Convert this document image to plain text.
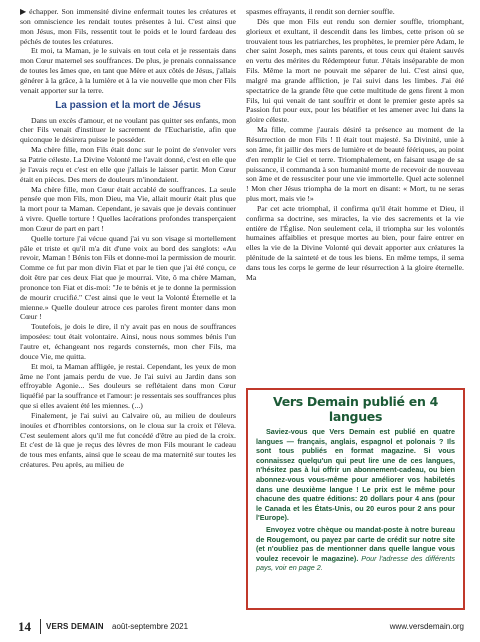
▶ échapper. Son immensité divine enfermait toutes les créatures et son omniscience les rendait toutes présentes à lui. C'est ainsi que mon Jésus, mon Fils, ressentit tout le poids et le lourd fardeau des péchés de toutes les créatures.

Et moi, ta Maman, je le suivais en tout cela et je ressentais dans mon Cœur maternel ses souffrances. De plus, je prenais connaissance de toutes les âmes que, en tant que Mère et aux côtés de Jésus, j'allais générer à la grâce, à la lumière et à la vie nouvelle que mon cher Fils venait apporter sur la terre.

La passion et la mort de Jésus

Dans un excès d'amour, et ne voulant pas quitter ses enfants, mon cher Fils venait d'instituer le sacrement de l'Eucharistie, afin que quiconque le désirera puisse le posséder.

Ma chère fille, mon Fils était donc sur le point de s'envoler vers sa Patrie céleste. La Divine Volonté me l'avait donné, c'est en elle que je l'avais reçu et c'est en elle que j'allais le laisser partir. Mon Cœur était en pièces. Des mers de douleurs m'inondaient.

Ma chère fille, mon Cœur était accablé de souffrances. La seule pensée que mon Fils, mon Dieu, ma Vie, allait mourir était plus que la mort pour ta Maman. Cependant, je savais que je devais continuer à vivre. Quelle torture ! Quelles lacérations profondes transperçaient mon Cœur de part en part !

Quelle torture j'ai vécue quand j'ai vu son visage si mortellement pâle et triste et qu'il m'a dit d'une voix au bord des sanglots: «Au revoir, Maman ! Bénis ton Fils et donne-moi la permission de mourir. Comme ce fut par mon divin Fiat et par le tien que j'ai été conçu, ce doit être par ces deux Fiat que je mourrai. Vite, ô ma chère Maman, prononce ton Fiat et dis-moi: "Je te bénis et je te donne la permission de mourir crucifié." C'est ainsi que le veut la Volonté Éternelle et la mienne.» Quelle douleur atroce ces paroles firent monter dans mon Cœur !

Toutefois, je dois le dire, il n'y avait pas en nous de souffrances imposées: tout était volontaire. Ainsi, nous nous sommes bénis l'un l'autre et, échangeant nos regards consternés, mon cher Fils, ma douce Vie, me quitta.

Et moi, ta Maman affligée, je restai. Cependant, les yeux de mon âme ne l'ont jamais perdu de vue. Je l'ai suivi au Jardin dans son effroyable Agonie... Ses douleurs se reflétaient dans mon Cœur liquéfié par la souffrance et l'amour: je ressentais ses souffrances plus que si elles avaient été les miennes. (...)

Finalement, je l'ai suivi au Calvaire où, au milieu de douleurs inouïes et d'horribles contorsions, on le cloua sur la croix et l'éleva. C'est seulement alors qu'il me fut concédé d'être au pied de la croix. Et c'est de là que je reçus des lèvres de mon Fils mourant le cadeau de tous mes enfants, ainsi que le sceau de ma maternité sur toutes les créatures. Peu après, au milieu de

spasmes effrayants, il rendit son dernier souffle.

Dès que mon Fils eut rendu son dernier souffle, triomphant, glorieux et exultant, il descendit dans les limbes, cette prison où se trouvaient tous les patriarches, les prophètes, le premier père Adam, le cher saint Joseph, mes saints parents, et tous ceux qui étaient sauvés en vertu des mérites du Rédempteur futur. J'étais inséparable de mon Fils. Même la mort ne pouvait me séparer de lui. C'est ainsi que, malgré ma grande affliction, je l'ai suivi dans les limbes. J'ai été spectatrice de la grande fête que cette multitude de gens firent à mon Fils, lui qui venait de tant souffrir et dont le premier geste après sa Passion fut pour eux, pour les béatifier et les amener avec lui dans la gloire céleste.

Ma fille, comme j'aurais désiré ta présence au moment de la Résurrection de mon Fils ! Il était tout majesté. Sa Divinité, unie à son âme, fit jaillir des mers de lumière et de beauté féériques, au point d'en remplir le Ciel et terre. Triomphalement, en faisant usage de sa puissance, il commanda à son humanité morte de recevoir de nouveau son âme et de ressusciter pour une vie immortelle. Quel acte solennel ! Mon cher Jésus triompha de la mort en disant: « Mort, tu ne seras plus mort, mais vie !»

Par cet acte triomphal, il confirma qu'il était homme et Dieu, il confirma sa doctrine, ses miracles, la vie des sacrements et la vie entière de l'Église. Non seulement cela, il triompha sur les volontés humaines affaiblies et presque mortes au bien, pour faire entrer en elles la vie de la Divine Volonté qui devait apporter aux créatures la plénitude de la sainteté et de tous les biens. En même temps, il sema dans tous les corps le germe de leur résurrection à la gloire éternelle. Ma

Vers Demain publié en 4 langues

Saviez-vous que Vers Demain est publié en quatre langues — français, anglais, espagnol et polonais ? Ils sont tous publiés en format magazine. Si vous connaissez quelqu'un qui peut lire une de ces langues, n'hésitez pas à lui offrir un abonnement-cadeau, ou bien abonnez-vous vous-même pour améliorer vos habiletés dans une deuxième langue ! Le prix est le même pour chacune des quatre éditions: 20 dollars pour 4 ans (pour le Canada et les États-Unis, ou 20 euros pour 2 ans pour l'Europe).

Envoyez votre chèque ou mandat-poste à notre bureau de Rougemont, ou payez par carte de crédit sur notre site (et n'oubliez pas de mentionner dans quelle langue vous voulez recevoir le magazine). Pour l'adresse des différents pays, voir en page 2.

14 VERS DEMAIN août-septembre 2021	www.versdemain.org
